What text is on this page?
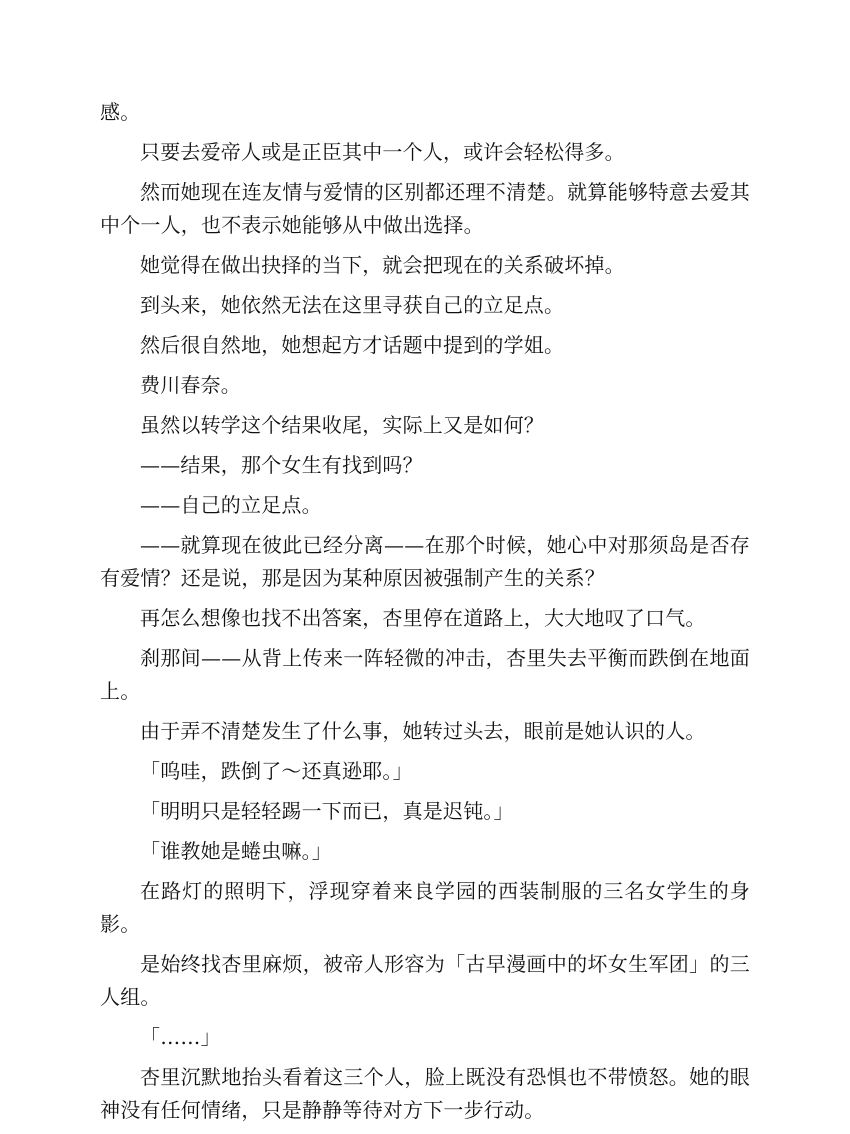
感。

只要去爱帝人或是正臣其中一个人，或许会轻松得多。

然而她现在连友情与爱情的区别都还理不清楚。就算能够特意去爱其中个一人，也不表示她能够从中做出选择。

她觉得在做出抉择的当下，就会把现在的关系破坏掉。

到头来，她依然无法在这里寻获自己的立足点。

然后很自然地，她想起方才话题中提到的学姐。

费川春奈。

虽然以转学这个结果收尾，实际上又是如何？

——结果，那个女生有找到吗？

——自己的立足点。

——就算现在彼此已经分离——在那个时候，她心中对那须岛是否存有爱情？还是说，那是因为某种原因被强制产生的关系？

再怎么想像也找不出答案，杏里停在道路上，大大地叹了口气。

刹那间——从背上传来一阵轻微的冲击，杏里失去平衡而跌倒在地面上。

由于弄不清楚发生了什么事，她转过头去，眼前是她认识的人。

「呜哇，跌倒了～还真逊耶。」

「明明只是轻轻踢一下而已，真是迟钝。」

「谁教她是蜷虫嘛。」

在路灯的照明下，浮现穿着来良学园的西装制服的三名女学生的身影。

是始终找杏里麻烦，被帝人形容为「古早漫画中的坏女生军团」的三人组。

「……」

杏里沉默地抬头看着这三个人，脸上既没有恐惧也不带愤怒。她的眼神没有任何情绪，只是静静等待对方下一步行动。
